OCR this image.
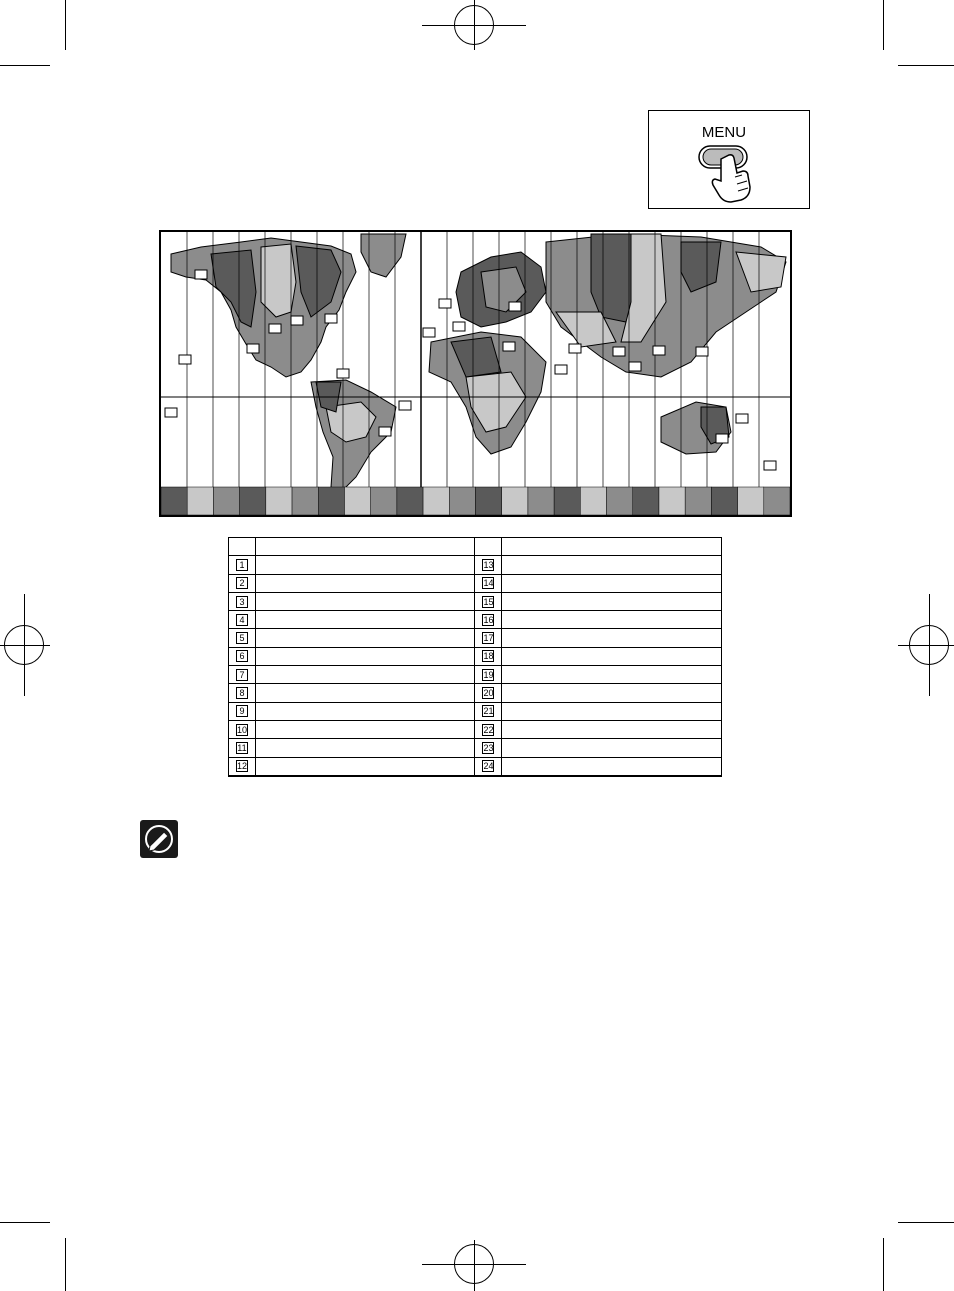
MENU

1		13	
2		14	
3		15	
4		16	
5		17	
6		18	
7		19	
8		20	
9		21	
10		22	
11		23	
12		24	
